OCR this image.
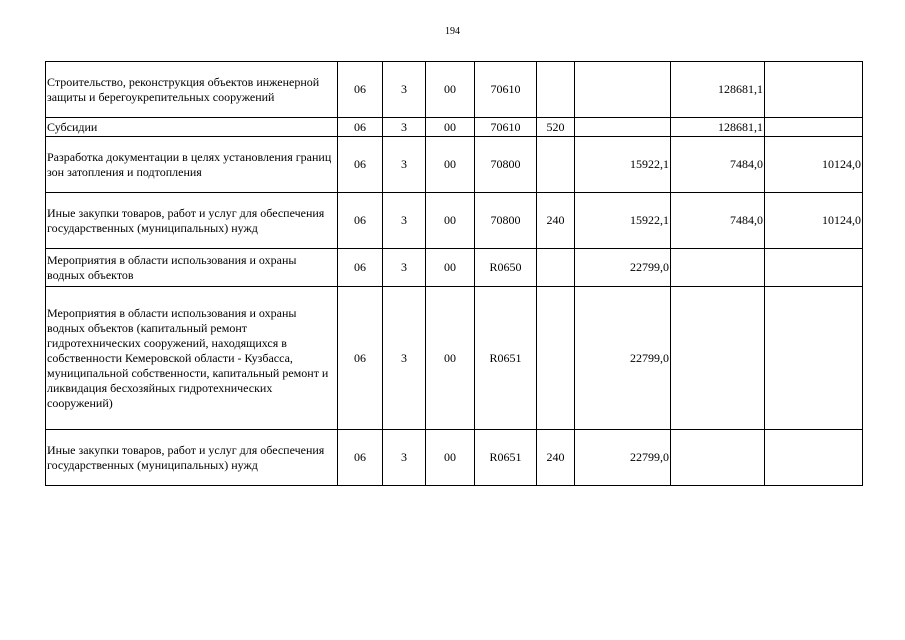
194
Строительство, реконструкция объектов инженерной защиты и берегоукрепительных сооружений	06	3	00	70610			128681,1	
Субсидии	06	3	00	70610	520		128681,1	
Разработка документации в целях установления границ зон затопления и подтопления	06	3	00	70800		15922,1	7484,0	10124,0
Иные закупки товаров, работ и услуг для обеспечения государственных (муниципальных) нужд	06	3	00	70800	240	15922,1	7484,0	10124,0
Мероприятия в области использования и охраны водных объектов	06	3	00	R0650		22799,0		
Мероприятия в области использования и охраны водных объектов (капитальный ремонт гидротехнических сооружений, находящихся в собственности Кемеровской области - Кузбасса, муниципальной собственности, капитальный ремонт и ликвидация бесхозяйных гидротехнических сооружений)	06	3	00	R0651		22799,0		
Иные закупки товаров, работ и услуг для обеспечения государственных (муниципальных) нужд	06	3	00	R0651	240	22799,0		
